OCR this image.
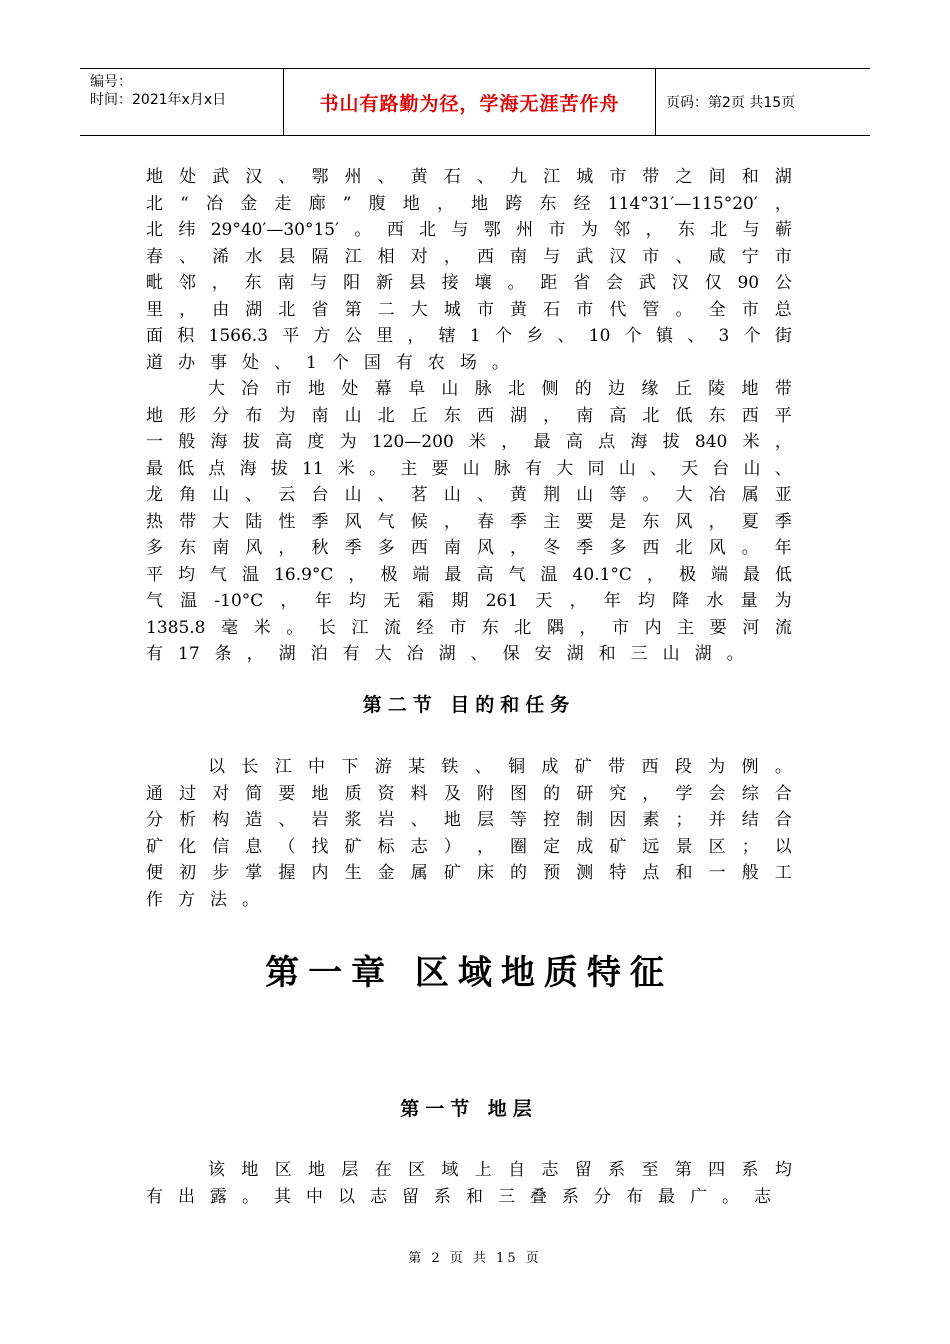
编号：
时间：2021年x月x日	书山有路勤为径，学海无涯苦作舟	页码：第2页 共15页
地 处 武 汉 、 鄂 州 、 黄 石 、 九 江 城 市 带 之 间 和 湖
北 “ 冶 金 走 廊 ” 腹 地 ， 地 跨 东 经 114°31′—115°20′ ，
北 纬 29°40′—30°15′ 。 西 北 与 鄂 州 市 为 邻 ， 东 北 与 蕲
春 、 浠 水 县 隔 江 相 对 ， 西 南 与 武 汉 市 、 咸 宁 市
毗 邻 ， 东 南 与 阳 新 县 接 壤 。 距 省 会 武 汉 仅 90 公
里 ， 由 湖 北 省 第 二 大 城 市 黄 石 市 代 管 。 全 市 总
面 积 1566.3 平 方 公 里 ， 辖 1 个 乡 、 10 个 镇 、 3 个 街
道 办 事 处 、 1 个 国 有 农 场 。
大 冶 市 地 处 幕 阜 山 脉 北 侧 的 边 缘 丘 陵 地 带
地 形 分 布 为 南 山 北 丘 东 西 湖 ， 南 高 北 低 东 西 平
一 般 海 拔 高 度 为 120—200 米 ， 最 高 点 海 拔 840 米 ，
最 低 点 海 拔 11 米 。 主 要 山 脉 有 大 同 山 、 天 台 山 、
龙 角 山 、 云 台 山 、 茗 山 、 黄 荆 山 等 。 大 冶 属 亚
热 带 大 陆 性 季 风 气 候 ， 春 季 主 要 是 东 风 ， 夏 季
多 东 南 风 ， 秋 季 多 西 南 风 ， 冬 季 多 西 北 风 。 年
平 均 气 温 16.9°C ， 极 端 最 高 气 温 40.1°C ， 极 端 最 低
气 温 -10°C ， 年 均 无 霜 期 261 天 ， 年 均 降 水 量 为
1385.8 毫 米 。 长 江 流 经 市 东 北 隅 ， 市 内 主 要 河 流
有 17 条 ， 湖 泊 有 大 冶 湖 、 保 安 湖 和 三 山 湖 。
第二节 目的和任务
以 长 江 中 下 游 某 铁 、 铜 成 矿 带 西 段 为 例 。
通 过 对 简 要 地 质 资 料 及 附 图 的 研 究 ， 学 会 综 合
分 析 构 造 、 岩 浆 岩 、 地 层 等 控 制 因 素 ； 并 结 合
矿 化 信 息 （ 找 矿 标 志 ） ， 圈 定 成 矿 远 景 区 ； 以
便 初 步 掌 握 内 生 金 属 矿 床 的 预 测 特 点 和 一 般 工
作 方 法 。
第一章 区域地质特征
第一节 地层
该 地 区 地 层 在 区 域 上 自 志 留 系 至 第 四 系 均
有 出 露 。 其 中 以 志 留 系 和 三 叠 系 分 布 最 广 。 志
第 2 页 共 15 页
